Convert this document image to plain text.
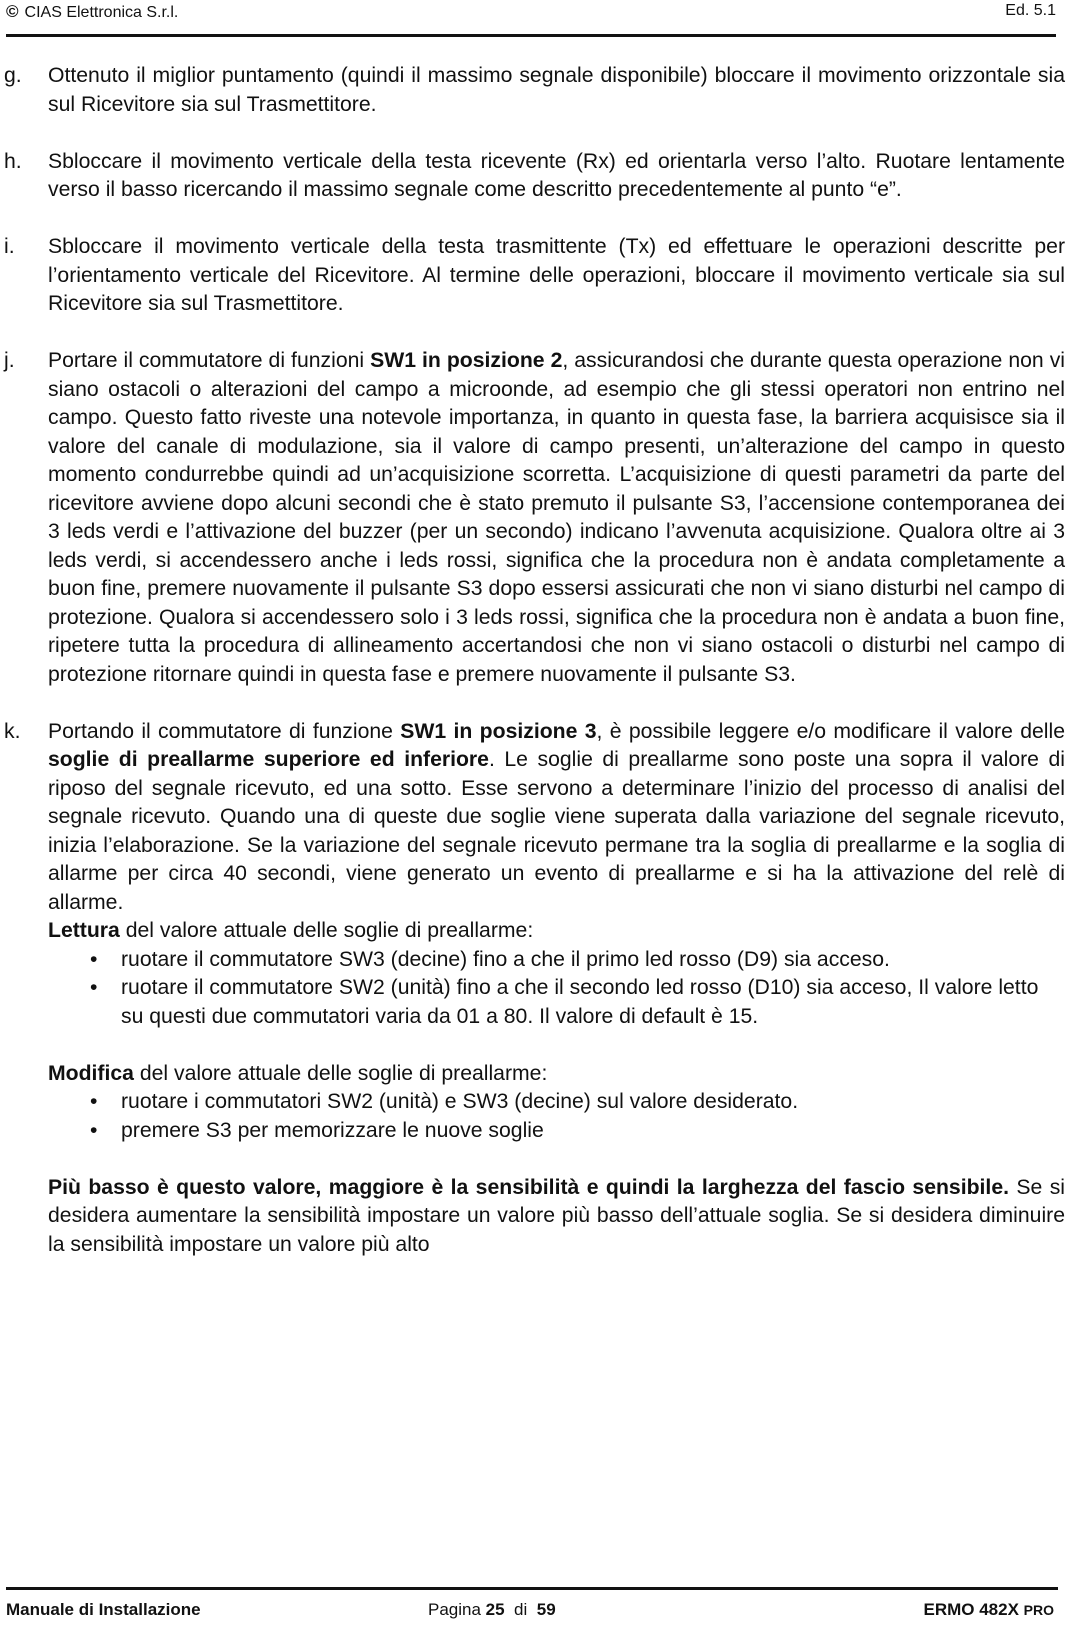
© CIAS Elettronica S.r.l.	Ed. 5.1
g. Ottenuto il miglior puntamento (quindi il massimo segnale disponibile) bloccare il movimento orizzontale sia sul Ricevitore sia sul Trasmettitore.

h. Sbloccare il movimento verticale della testa ricevente (Rx) ed orientarla verso l’alto. Ruotare lentamente verso il basso ricercando il massimo segnale come descritto precedentemente al punto “e”.

i. Sbloccare il movimento verticale della testa trasmittente (Tx) ed effettuare le operazioni descritte per l’orientamento verticale del Ricevitore. Al termine delle operazioni, bloccare il movimento verticale sia sul Ricevitore sia sul Trasmettitore.

j. Portare il commutatore di funzioni SW1 in posizione 2, assicurandosi che durante questa operazione non vi siano ostacoli o alterazioni del campo a microonde, ad esempio che gli stessi operatori non entrino nel campo. Questo fatto riveste una notevole importanza, in quanto in questa fase, la barriera acquisisce sia il valore del canale di modulazione, sia il valore di campo presenti, un’alterazione del campo in questo momento condurrebbe quindi ad un’acquisizione scorretta. L’acquisizione di questi parametri da parte del ricevitore avviene dopo alcuni secondi che è stato premuto il pulsante S3, l’accensione contemporanea dei 3 leds verdi e l’attivazione del buzzer (per un secondo) indicano l’avvenuta acquisizione. Qualora oltre ai 3 leds verdi, si accendessero anche i leds rossi, significa che la procedura non è andata completamente a buon fine, premere nuovamente il pulsante S3 dopo essersi assicurati che non vi siano disturbi nel campo di protezione. Qualora si accendessero solo i 3 leds rossi, significa che la procedura non è andata a buon fine, ripetere tutta la procedura di allineamento accertandosi che non vi siano ostacoli o disturbi nel campo di protezione ritornare quindi in questa fase e premere nuovamente il pulsante S3.

k. Portando il commutatore di funzione SW1 in posizione 3, è possibile leggere e/o modificare il valore delle soglie di preallarme superiore ed inferiore. Le soglie di preallarme sono poste una sopra il valore di riposo del segnale ricevuto, ed una sotto. Esse servono a determinare l’inizio del processo di analisi del segnale ricevuto. Quando una di queste due soglie viene superata dalla variazione del segnale ricevuto, inizia l’elaborazione. Se la variazione del segnale ricevuto permane tra la soglia di preallarme e la soglia di allarme per circa 40 secondi, viene generato un evento di preallarme e si ha la attivazione del relè di allarme.

Lettura del valore attuale delle soglie di preallarme:

• ruotare il commutatore SW3 (decine) fino a che il primo led rosso (D9) sia acceso.
• ruotare il commutatore SW2 (unità) fino a che il secondo led rosso (D10) sia acceso, Il valore letto su questi due commutatori varia da 01 a 80. Il valore di default è 15.

Modifica del valore attuale delle soglie di preallarme:

• ruotare i commutatori SW2 (unità) e SW3 (decine) sul valore desiderato.
• premere S3 per memorizzare le nuove soglie

Più basso è questo valore, maggiore è la sensibilità e quindi la larghezza del fascio sensibile. Se si desidera aumentare la sensibilità impostare un valore più basso dell’attuale soglia. Se si desidera diminuire la sensibilità impostare un valore più alto

Manuale di Installazione	Pagina 25 di 59	ERMO 482X PRO
